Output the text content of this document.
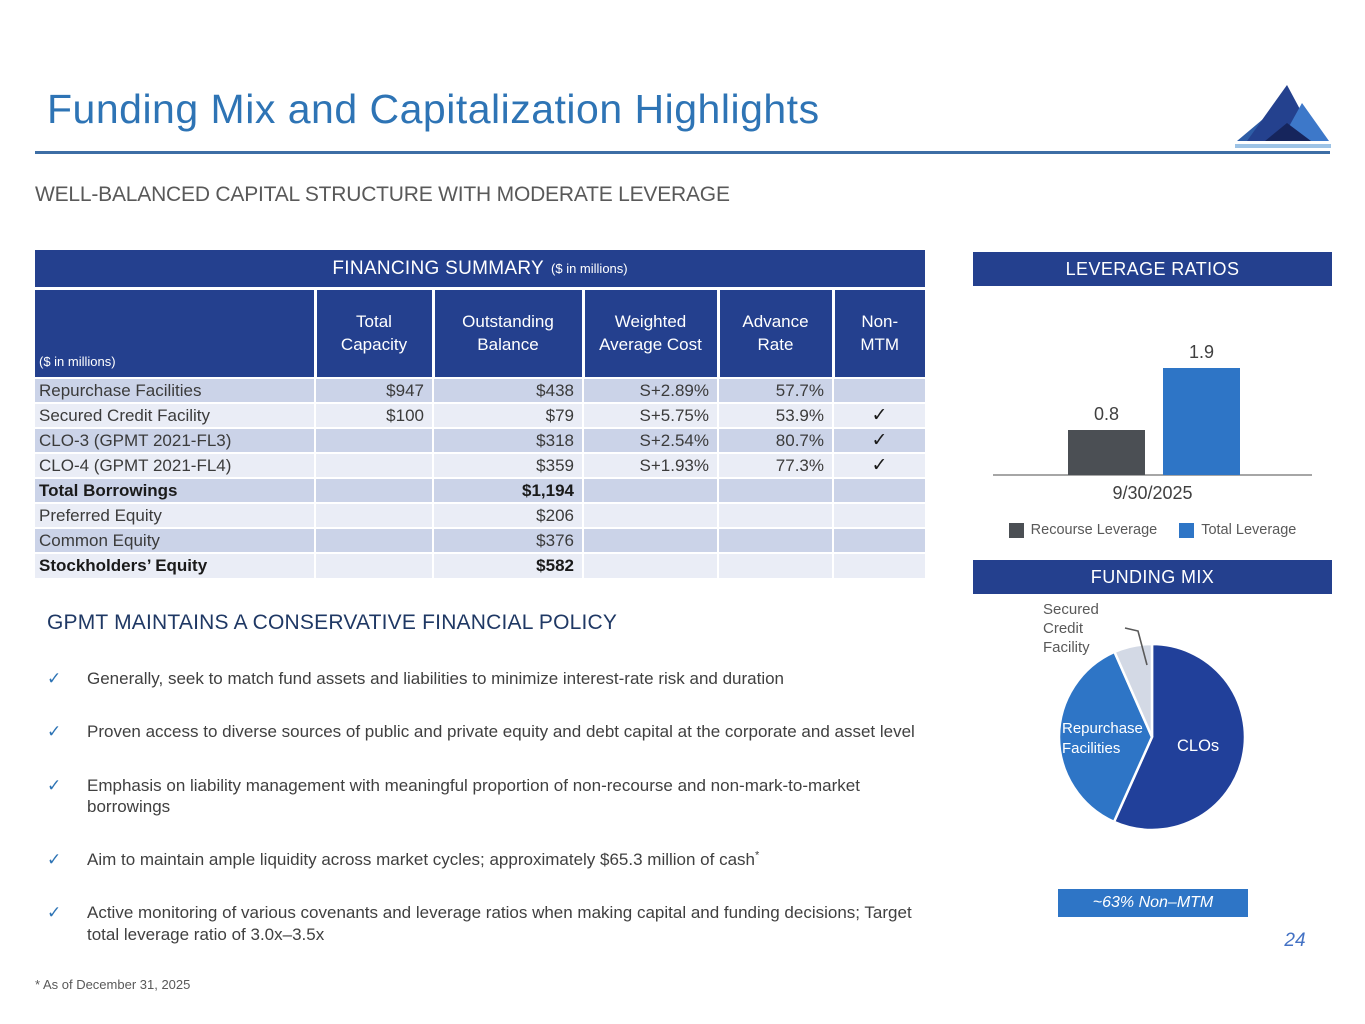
Funding Mix and Capitalization Highlights
WELL-BALANCED CAPITAL STRUCTURE WITH MODERATE LEVERAGE
FINANCING SUMMARY ($ in millions)
($ in millions)	Total Capacity	Outstanding Balance	Weighted Average Cost	Advance Rate	Non-MTM
Repurchase Facilities	$947	$438	S+2.89%	57.7%	
Secured Credit Facility	$100	$79	S+5.75%	53.9%	✓
CLO-3 (GPMT 2021-FL3)		$318	S+2.54%	80.7%	✓
CLO-4 (GPMT 2021-FL4)		$359	S+1.93%	77.3%	✓
Total Borrowings		$1,194			
Preferred Equity		$206			
Common Equity		$376			
Stockholders’ Equity		$582			
GPMT MAINTAINS A CONSERVATIVE FINANCIAL POLICY
✓ Generally, seek to match fund assets and liabilities to minimize interest-rate risk and duration
✓ Proven access to diverse sources of public and private equity and debt capital at the corporate and asset level
✓ Emphasis on liability management with meaningful proportion of non-recourse and non-mark-to-market borrowings
✓ Aim to maintain ample liquidity across market cycles; approximately $65.3 million of cash*
✓ Active monitoring of various covenants and leverage ratios when making capital and funding decisions; Target total leverage ratio of 3.0x–3.5x
* As of December 31, 2025
24
LEVERAGE RATIOS
9/30/2025
0.8
1.9
Recourse Leverage	Total Leverage
FUNDING MIX
Secured
Credit
Facility
Repurchase Facilities	CLOs
~63% Non–MTM
